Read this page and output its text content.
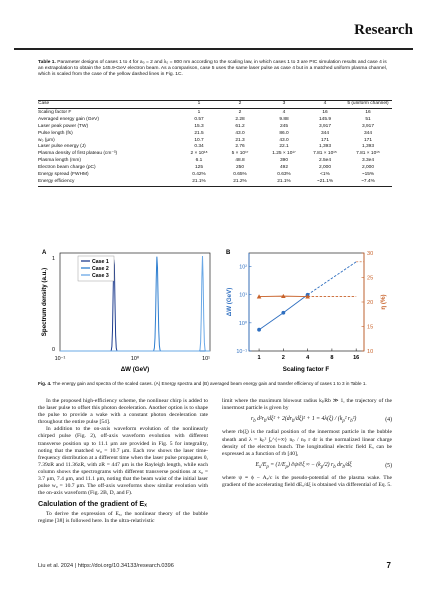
Research
Table 1. Parameter designs of cases 1 to 4 for a₀ = 2 and λ₀ = 800 nm according to the scaling law, in which cases 1 to 3 are PIC simulation results and case 4 is an extrapolation to obtain the 145.9-GeV electron beam. As a comparison, case 5 uses the same laser pulse as case 4 but in a matched uniform plasma channel, which is scaled from the case of the yellow dashed lines in Fig. 1C.
Case	1	2	3	4	5 (uniform channel)
Scaling factor F	1	2	4	16	16
Averaged energy gain (GeV)	0.57	2.28	9.88	145.9	51
Laser peak power (TW)	15.3	61.2	245	3,917	3,917
Pulse length (fs)	21.5	43.0	86.0	344	344
w₀ (μm)	10.7	21.3	43.0	171	171
Laser pulse energy (J)	0.34	2.76	22.1	1,393	1,393
Plasma density of first plateau (cm⁻³)	2 × 10¹⁸	5 × 10¹⁷	1.25 × 10¹⁷	7.81 × 10¹⁵	7.81 × 10¹⁵
Plasma length (mm)	6.1	48.8	390	2.5e4	3.3e4
Electron beam charge (pC)	125	250	492	2,000	2,000
Energy spread (FWHM)	0.42%	0.65%	0.63%	<1%	~15%
Energy efficiency	21.1%	21.2%	21.1%	~21.1%	~7.4%
A
Case 1
Case 2
Case 3
1
0
10⁻¹	10⁰	10¹
ΔW (GeV)
Spectrum density (a.u.)
B
1	2	4	8	16
10⁻¹
10⁰
10¹
10²
10
15
20
25
30
Scaling factor F
ΔW (GeV)	η (%)
Fig. 4. The energy gain and spectra of the scaled cases. (A) Energy spectra and (B) averaged beam energy gain and transfer efficiency of cases 1 to 3 in Table 1.

In the proposed high-efficiency scheme, the nonlinear chirp is added to the laser pulse to offset this photon deceleration. Another option is to shape the pulse to provide a wake with a constant photon deceleration rate throughout the entire pulse [54].

In addition to the on-axis waveform evolution of the nonlinearly chirped pulse (Fig. 2), off-axis waveform evolution with different transverse position up to 11.1 μm are provided in Fig. 5 for integrality, noting that the matched w₀ = 10.7 μm. Each row shows the laser time-frequency distribution at a different time when the laser pulse propagates 0, 7.39zR and 11.36zR, with zR = 447 μm is the Rayleigh length, while each column shows the spectrograms with different transverse positions at x₀ = 3.7 μm, 7.4 μm, and 11.1 μm, noting that the beam waist of the initial laser pulse w₀ = 10.7 μm. The off-axis waveforms show similar evolution with the on-axis waveform (Fig. 2B, D, and F).

Calculation of the gradient of Eₓ

To derive the expression of Eₓ, the nonlinear theory of the bubble regime [38] is followed here. In the ultra-relativistic

limit where the maximum blowout radius kₚRb ≫ 1, the trajectory of the innermost particle is given by

$r_b$ $d^2r_b$/dξ² + $2(dr_b/d\xi)^2 + 1 = 4\lambda(\xi) / (k_p^2$ $r_b^2$)	(4)

where rb(ξ) is the radial position of the innermost particle in the bubble sheath and λ = kₚ² ∫₀^{+∞} nₚ / nₚ r dr is the normalized linear charge density of the electron bunch. The longitudinal electric field Eₓ can be expressed as a function of rb [40],

$E_x/E_p = (1/E_p) \partial\psi/\partial\xi$ ≈ − $(k_p/2)$ $r_b$ $dr_b/d\xi$	(5)

where ψ ≡ ϕ − Aₓ/c is the pseudo-potential of the plasma wake. The gradient of the accelerating field dEₓ/dξ is obtained via differential of Eq. 5.

Liu et al. 2024 | https://doi.org/10.34133/research.0396	7
